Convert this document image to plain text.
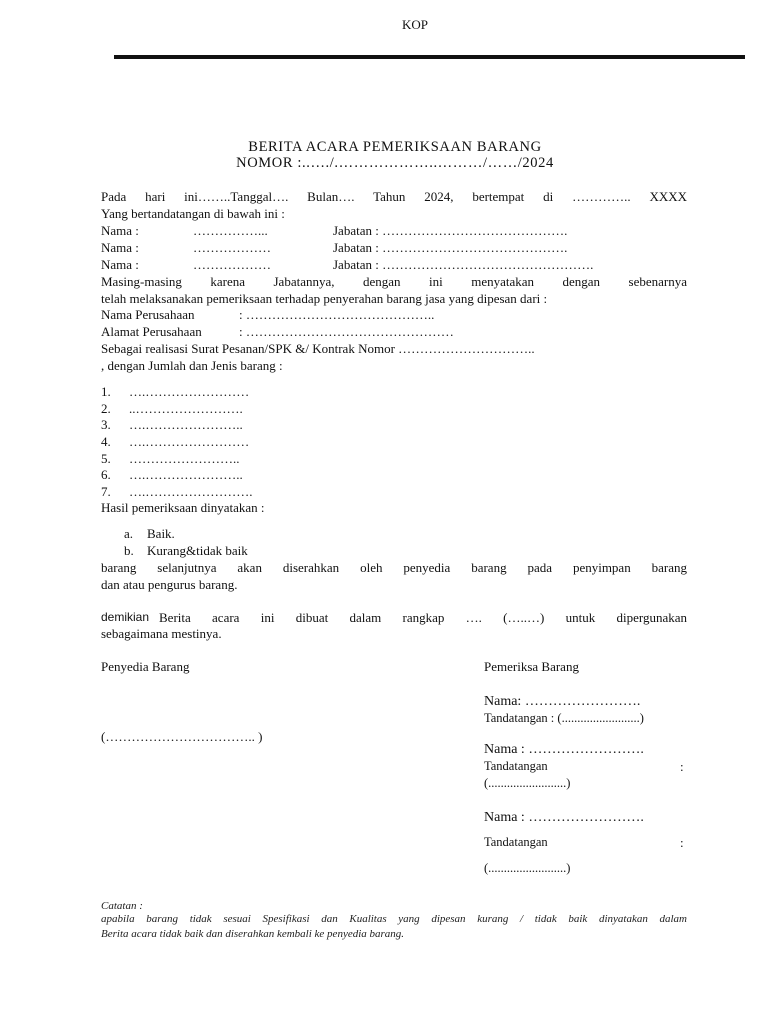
KOP
BERITA ACARA PEMERIKSAAN BARANG
NOMOR :..…./.………………..………/……/2024
Pada hari ini……..Tanggal…. Bulan…. Tahun 2024, bertempat di ………….. XXXX
Yang bertandatangan di bawah ini :
Nama :	……………...	Jabatan : …………………………………….
Nama :	………………	Jabatan : …………………………………….
Nama :	………………	Jabatan : ………………………………………….
Masing-masing karena Jabatannya, dengan ini menyatakan dengan sebenarnya
telah melaksanakan pemeriksaan terhadap penyerahan barang jasa yang dipesan dari :
Nama Perusahaan	: ……………………………………..
Alamat Perusahaan	: …………………………………………
Sebagai realisasi Surat Pesanan/SPK &/ Kontrak Nomor …………………………..
, dengan Jumlah dan Jenis barang :
1. ….……………………
2. ..…………………….
3. ….…………………..
4. ….……………………
5. ……………………..
6. ….…………………..
7. ….…………………….
Hasil pemeriksaan dinyatakan :
a. Baik.
b. Kurang&tidak baik
barang selanjutnya akan diserahkan oleh penyedia barang pada penyimpan barang
dan atau pengurus barang.
demikian Berita acara ini dibuat dalam rangkap …. (…..…) untuk dipergunakan
sebagaimana mestinya.
Penyedia Barang
(…………………………….. )
Pemeriksa Barang
Nama: …………………….
Tandatangan : (.........................)
Nama : …………………….
Tandatangan	:
(.........................)
Nama : …………………….
Tandatangan	:
(.........................)
Catatan :
apabila barang tidak sesuai Spesifikasi dan Kualitas yang dipesan kurang / tidak baik dinyatakan dalam
Berita acara tidak baik dan diserahkan kembali ke penyedia barang.
